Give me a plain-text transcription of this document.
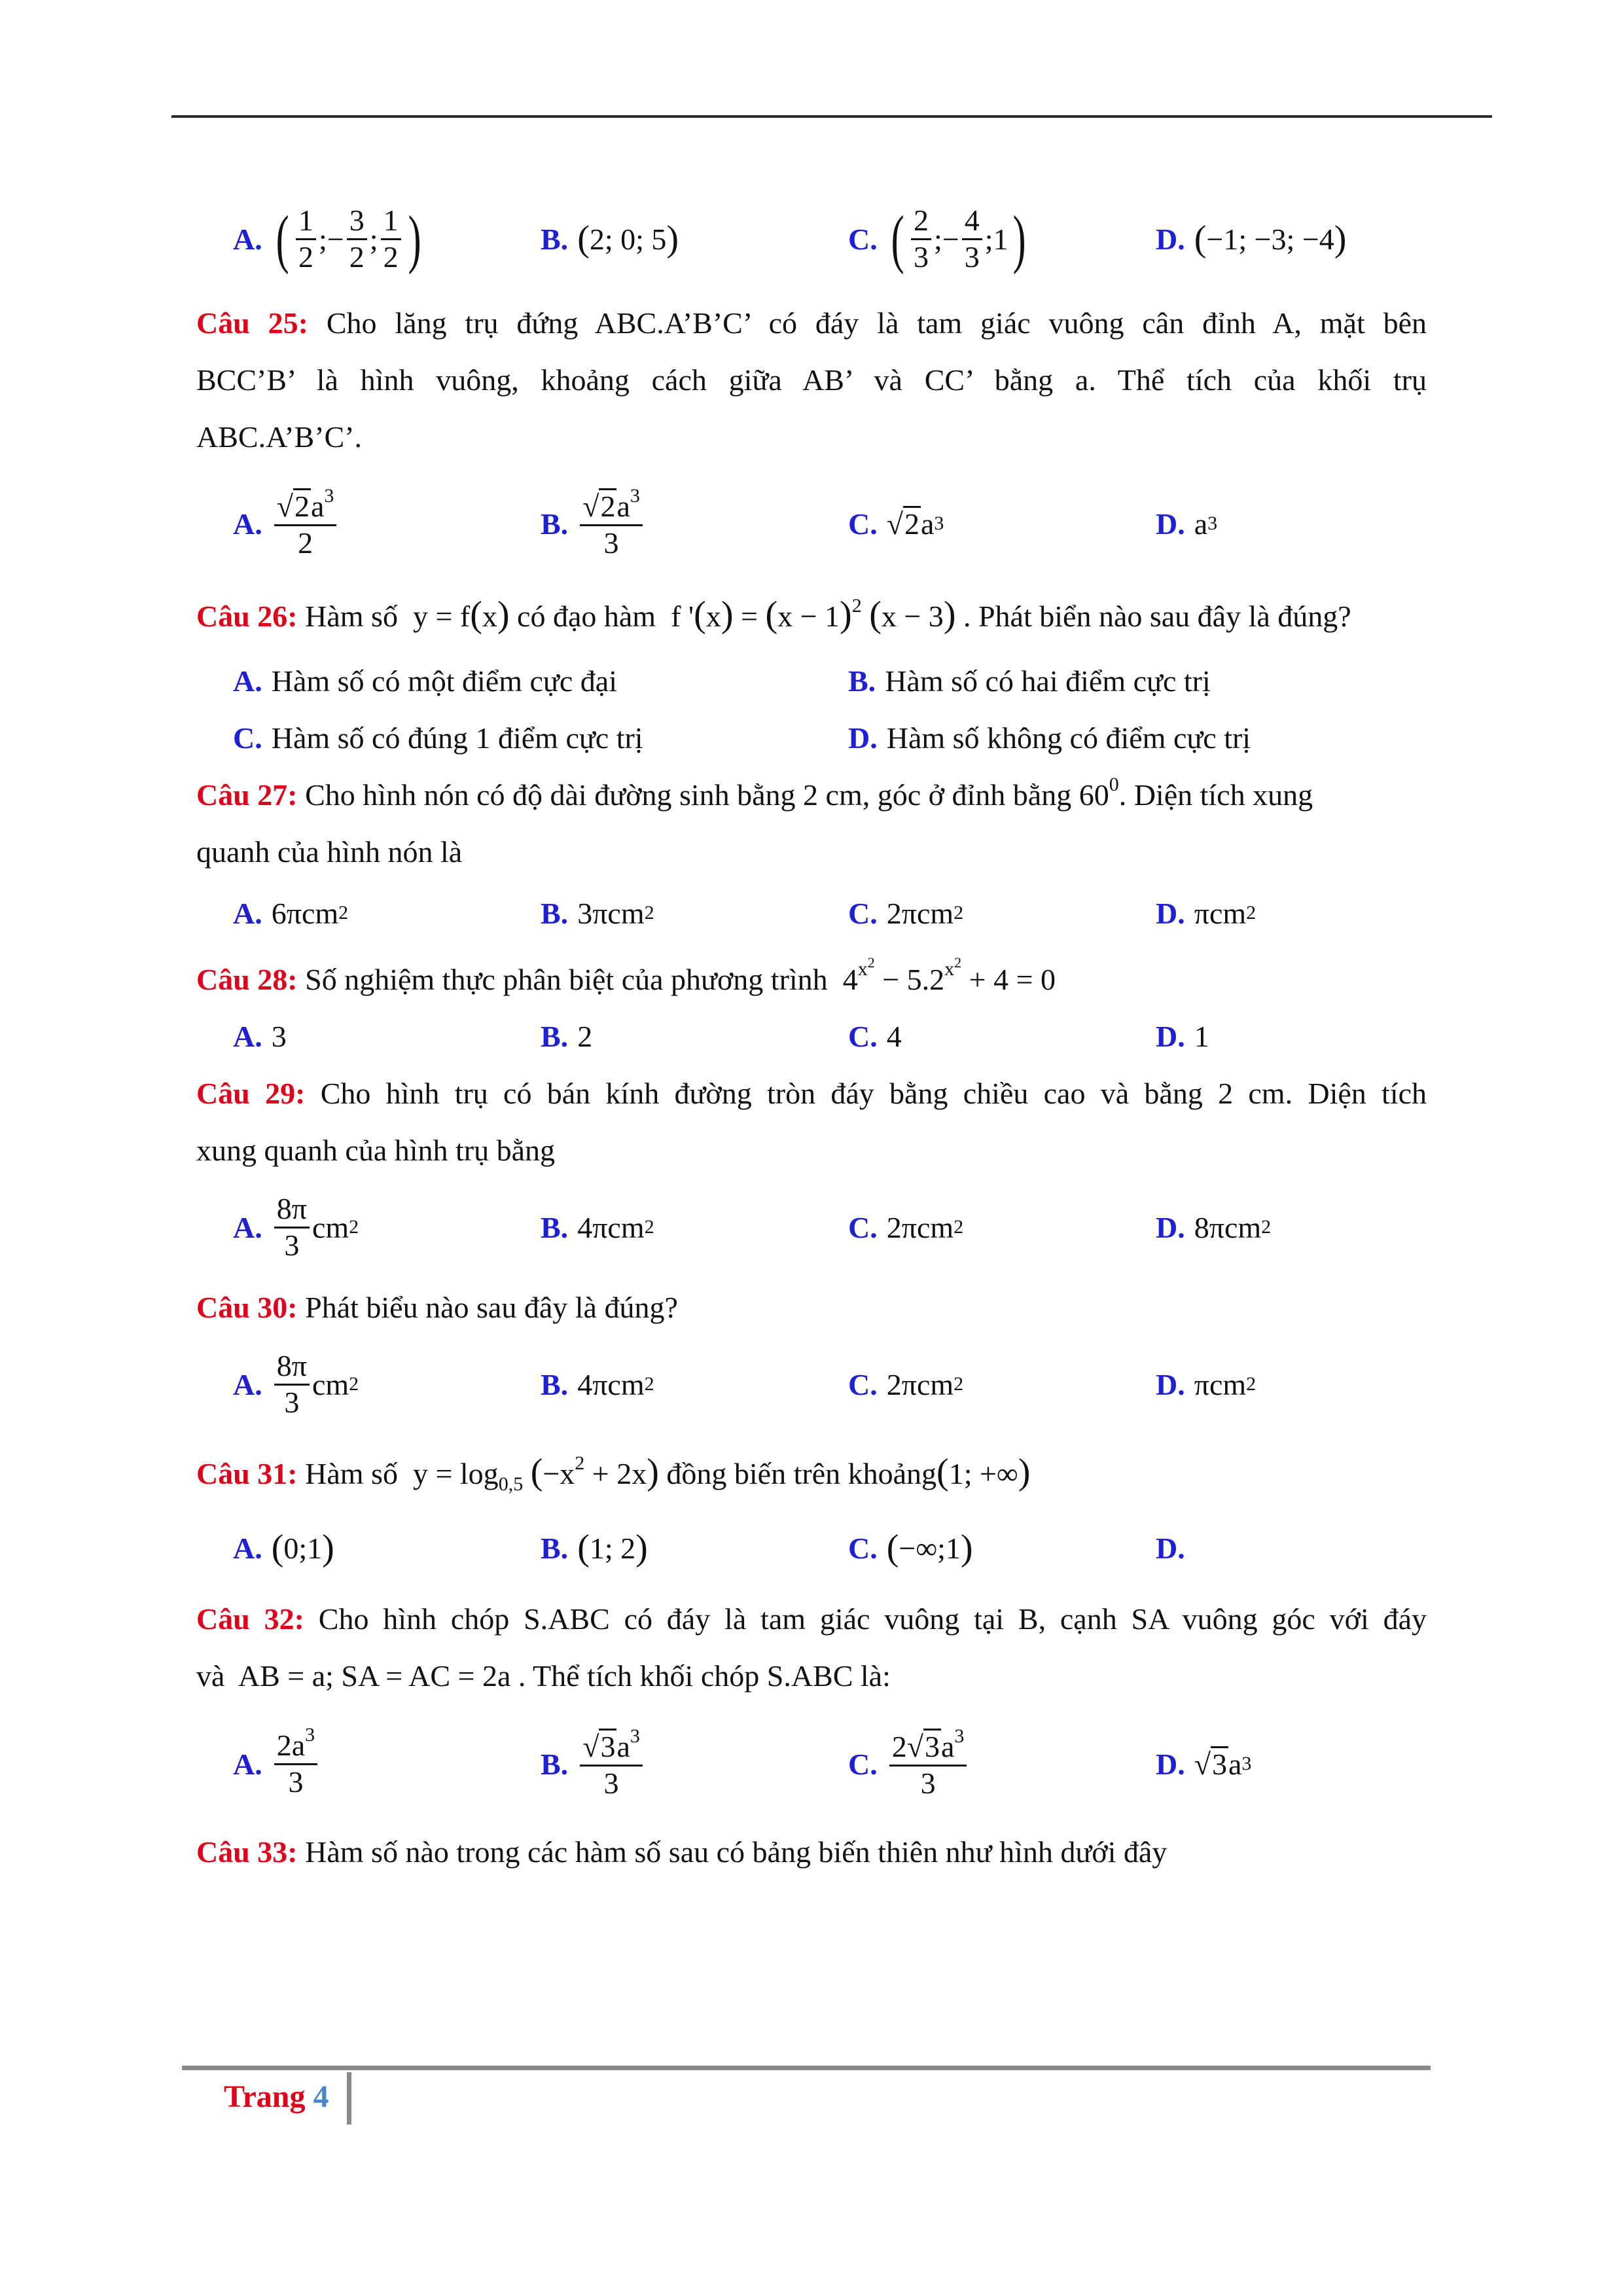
A. ( $\frac{1}{2}$ ;− $\frac{3}{2}$ ; $\frac{1}{2}$ )	B. ( 2; 0; 5 )	C. ( $\frac{2}{3}$ ;− $\frac{4}{3}$ ;1 )	D. ( −1; −3; −4 )
Câu 25: Cho lăng trụ đứng ABC.A’B’C’ có đáy là tam giác vuông cân đỉnh A, mặt bên
BCC’B’ là hình vuông, khoảng cách giữa AB’ và CC’ bằng a. Thể tích của khối trụ
ABC.A’B’C’.
A. $\frac{√2a^3}{2}$	B. $\frac{√2a^3}{3}$	C. √2 a 3	D. a 3
Câu 26: Hàm số y = f(x) có đạo hàm f '$(x) = (x - 1)^2$ (x − 3) . Phát biển nào sau đây là đúng?
A. Hàm số có một điểm cực đại	B. Hàm số có hai điểm cực trị
C. Hàm số có đúng 1 điểm cực trị	D. Hàm số không có điểm cực trị
Câu 27: Cho hình nón có độ dài đường sinh bằng 2 cm, góc ở đỉnh bằng $60^0$. Diện tích xung
quanh của hình nón là
A. 6πcm 2	B. 3πcm 2	C. 2πcm 2	D. πcm 2
Câu 28: Số nghiệm thực phân biệt của phương trình $4^{x^2} - 5.2^{x^2} + 4 = 0$
A. 3	B. 2	C. 4	D. 1
Câu 29: Cho hình trụ có bán kính đường tròn đáy bằng chiều cao và bằng 2 cm. Diện tích
xung quanh của hình trụ bằng
A. $\frac{8\pi}{3}$ cm 2	B. 4πcm 2	C. 2πcm 2	D. 8πcm 2
Câu 30: Phát biểu nào sau đây là đúng?
A. $\frac{8\pi}{3}$ cm 2	B. 4πcm 2	C. 2πcm 2	D. πcm 2
Câu 31: Hàm số $y = \log_{0,5} (-x^2 + 2x)$ đồng biến trên khoảng(1; +∞)
A. ( 0;1 )	B. ( 1; 2 )	C. ( −∞;1 )	D.
Câu 32: Cho hình chóp S.ABC có đáy là tam giác vuông tại B, cạnh SA vuông góc với đáy
và AB = a; SA = AC = 2a . Thể tích khối chóp S.ABC là:
A. $\frac{2a^3}{3}$	B. $\frac{√3a^3}{3}$	C. $\frac{2√3a^3}{3}$	D. √3 a 3
Câu 33: Hàm số nào trong các hàm số sau có bảng biến thiên như hình dưới đây
Trang 4
